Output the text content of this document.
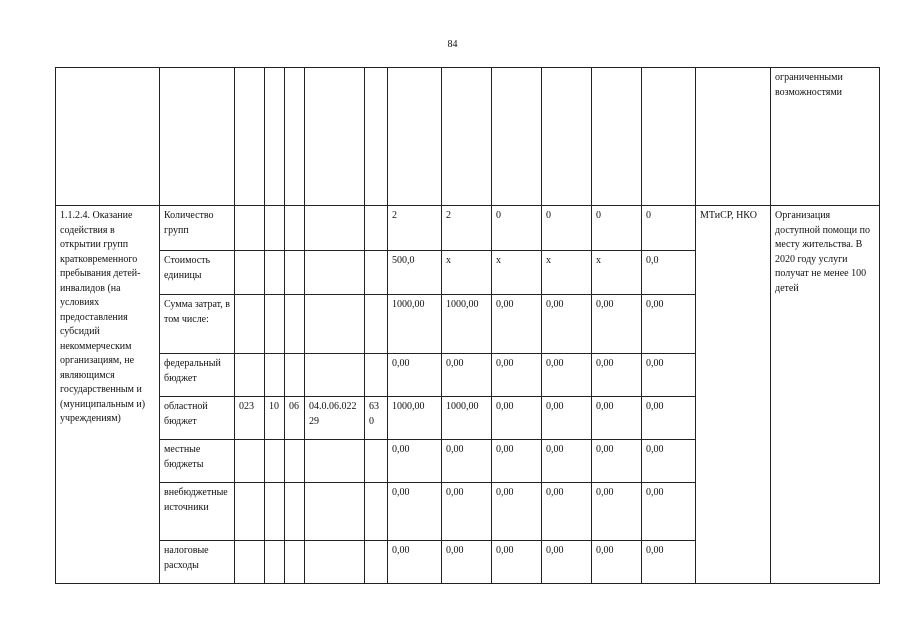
84
														ограниченными возможностями
1.1.2.4. Оказание содействия в открытии групп кратковременного пребывания детей-инвалидов (на условиях предоставления субсидий некоммерческим организациям, не являющимся государственным и (муниципальным и) учреждениям)	Количество групп						2	2	0	0	0	0	МТиСР, НКО	Организация доступной помощи по месту жительства. В 2020 году услуги получат не менее 100 детей
	Стоимость единицы						500,0	x	x	x	x	0,0		
	Сумма затрат, в том числе:						1000,00	1000,00	0,00	0,00	0,00	0,00		
	федеральный бюджет						0,00	0,00	0,00	0,00	0,00	0,00		
	областной бюджет	023	10	06	04.0.06.02229	630	1000,00	1000,00	0,00	0,00	0,00	0,00		
	местные бюджеты						0,00	0,00	0,00	0,00	0,00	0,00		
	внебюджетные источники						0,00	0,00	0,00	0,00	0,00	0,00		
	налоговые расходы						0,00	0,00	0,00	0,00	0,00	0,00		
